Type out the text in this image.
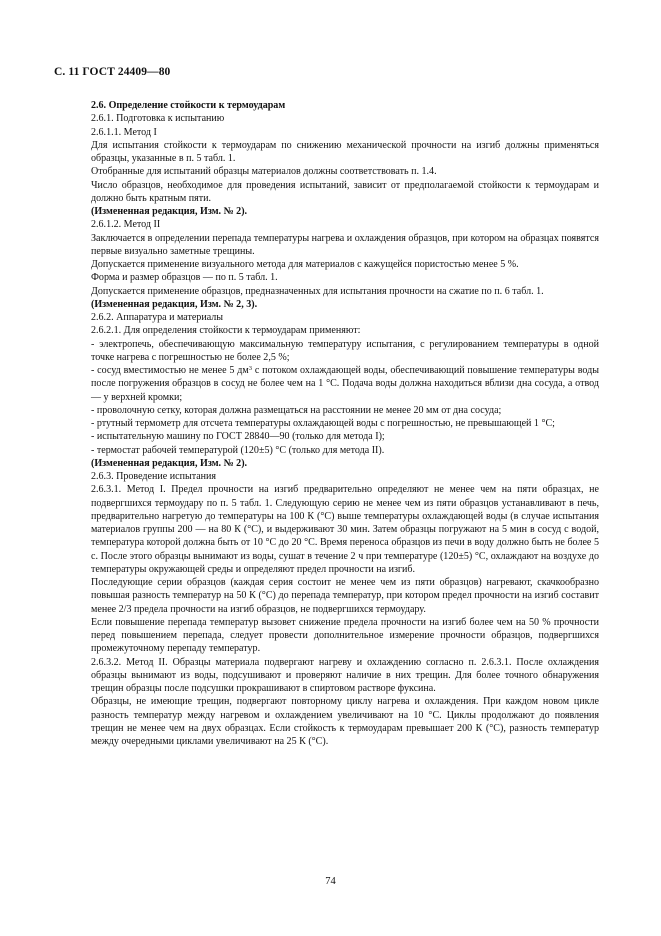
С. 11 ГОСТ 24409—80

2.6. Определение стойкости к термоударам

2.6.1. Подготовка к испытанию

2.6.1.1. Метод I

Для испытания стойкости к термоударам по снижению механической прочности на изгиб должны применяться образцы, указанные в п. 5 табл. 1.

Отобранные для испытаний образцы материалов должны соответствовать п. 1.4.

Число образцов, необходимое для проведения испытаний, зависит от предполагаемой стойкости к термоударам и должно быть кратным пяти.

(Измененная редакция, Изм. № 2).

2.6.1.2. Метод II

Заключается в определении перепада температуры нагрева и охлаждения образцов, при котором на образцах появятся первые визуально заметные трещины.

Допускается применение визуального метода для материалов с кажущейся пористостью менее 5 %.

Форма и размер образцов — по п. 5 табл. 1.

Допускается применение образцов, предназначенных для испытания прочности на сжатие по п. 6 табл. 1.

(Измененная редакция, Изм. № 2, 3).

2.6.2. Аппаратура и материалы

2.6.2.1. Для определения стойкости к термоударам применяют:

- электропечь, обеспечивающую максимальную температуру испытания, с регулированием температуры в одной точке нагрева с погрешностью не более 2,5 %;

- сосуд вместимостью не менее 5 $дм^3$ с потоком охлаждающей воды, обеспечивающий повышение температуры воды после погружения образцов в сосуд не более чем на 1 °С. Подача воды должна находиться вблизи дна сосуда, а отвод — у верхней кромки;

- проволочную сетку, которая должна размещаться на расстоянии не менее 20 мм от дна сосуда;

- ртутный термометр для отсчета температуры охлаждающей воды с погрешностью, не превышающей 1 °С;

- испытательную машину по ГОСТ 28840—90 (только для метода I);

- термостат рабочей температурой (120±5) °С (только для метода II).

(Измененная редакция, Изм. № 2).

2.6.3. Проведение испытания

2.6.3.1. Метод I. Предел прочности на изгиб предварительно определяют не менее чем на пяти образцах, не подвергшихся термоудару по п. 5 табл. 1. Следующую серию не менее чем из пяти образцов устанавливают в печь, предварительно нагретую до температуры на 100 К (°С) выше температуры охлаждающей воды (в случае испытания материалов группы 200 — на 80 К (°С), и выдерживают 30 мин. Затем образцы погружают на 5 мин в сосуд с водой, температура которой должна быть от 10 °С до 20 °С. Время переноса образцов из печи в воду должно быть не более 5 с. После этого образцы вынимают из воды, сушат в течение 2 ч при температуре (120±5) °С, охлаждают на воздухе до температуры окружающей среды и определяют предел прочности на изгиб.

Последующие серии образцов (каждая серия состоит не менее чем из пяти образцов) нагревают, скачкообразно повышая разность температур на 50 К (°С) до перепада температур, при котором предел прочности на изгиб составит менее 2/3 предела прочности на изгиб образцов, не подвергшихся термоудару.

Если повышение перепада температур вызовет снижение предела прочности на изгиб более чем на 50 % прочности перед повышением перепада, следует провести дополнительное измерение прочности образцов, подвергшихся промежуточному перепаду температур.

2.6.3.2. Метод II. Образцы материала подвергают нагреву и охлаждению согласно п. 2.6.3.1. После охлаждения образцы вынимают из воды, подсушивают и проверяют наличие в них трещин. Для более точного обнаружения трещин образцы после подсушки прокрашивают в спиртовом растворе фуксина.

Образцы, не имеющие трещин, подвергают повторному циклу нагрева и охлаждения. При каждом новом цикле разность температур между нагревом и охлаждением увеличивают на 10 °С. Циклы продолжают до появления трещин не менее чем на двух образцах. Если стойкость к термоударам превышает 200 К (°С), разность температур между очередными циклами увеличивают на 25 К (°С).

74
